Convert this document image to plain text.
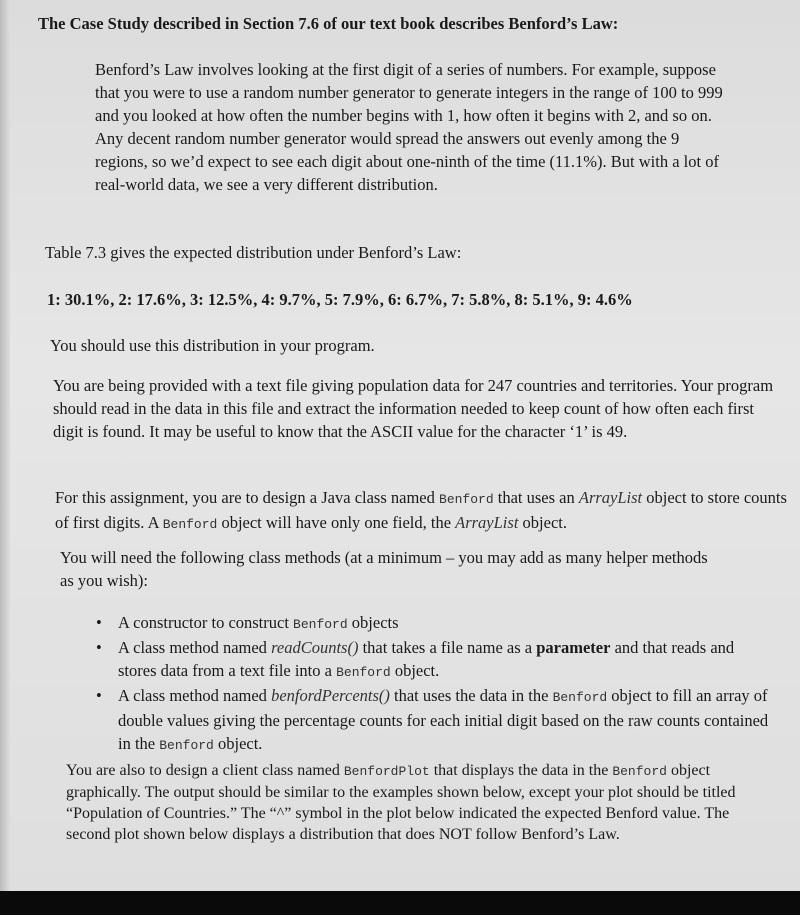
The Case Study described in Section 7.6 of our text book describes Benford’s Law:
Benford’s Law involves looking at the first digit of a series of numbers. For example, suppose that you were to use a random number generator to generate integers in the range of 100 to 999 and you looked at how often the number begins with 1, how often it begins with 2, and so on. Any decent random number generator would spread the answers out evenly among the 9 regions, so we’d expect to see each digit about one-ninth of the time (11.1%). But with a lot of real-world data, we see a very different distribution.
Table 7.3 gives the expected distribution under Benford’s Law:
1: 30.1%, 2: 17.6%, 3: 12.5%, 4: 9.7%, 5: 7.9%, 6: 6.7%, 7: 5.8%, 8: 5.1%, 9: 4.6%
You should use this distribution in your program.
You are being provided with a text file giving population data for 247 countries and territories. Your program should read in the data in this file and extract the information needed to keep count of how often each first digit is found. It may be useful to know that the ASCII value for the character ‘1’ is 49.
For this assignment, you are to design a Java class named Benford that uses an ArrayList object to store counts of first digits. A Benford object will have only one field, the ArrayList object.
You will need the following class methods (at a minimum – you may add as many helper methods as you wish):
• A constructor to construct Benford objects
• A class method named readCounts() that takes a file name as a parameter and that reads and stores data from a text file into a Benford object.
• A class method named benfordPercents() that uses the data in the Benford object to fill an array of double values giving the percentage counts for each initial digit based on the raw counts contained in the Benford object.
You are also to design a client class named BenfordPlot that displays the data in the Benford object graphically. The output should be similar to the examples shown below, except your plot should be titled “Population of Countries.” The “^” symbol in the plot below indicated the expected Benford value. The second plot shown below displays a distribution that does NOT follow Benford’s Law.
